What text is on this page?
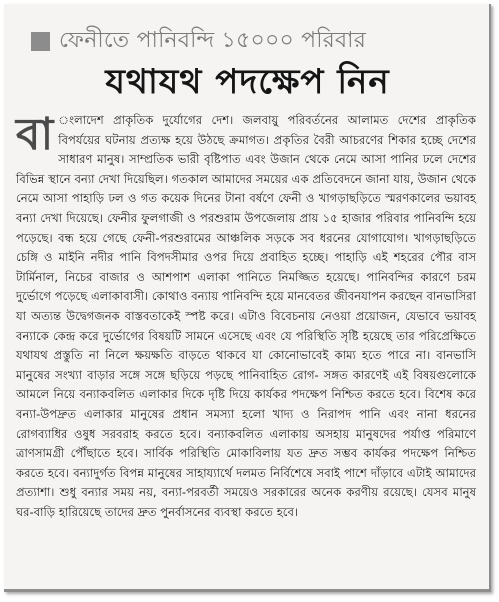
ফেনীতে পানিবন্দি ১৫০০০ পরিবার
যথাযথ পদক্ষেপ নিন
বা ংলাদেশ প্রাকৃতিক দুর্যোগের দেশ। জলবায়ু পরিবর্তনের আলামত দেশের প্রাকৃতিক বিপর্যয়ের ঘটনায় প্রত্যক্ষ হয়ে উঠছে ক্রমাগত। প্রকৃতির বৈরী আচরণের শিকার হচ্ছে দেশের সাধারণ মানুষ। সাম্প্রতিক ভারী বৃষ্টিপাত এবং উজান থেকে নেমে আসা পানির ঢলে দেশের বিভিন্ন স্থানে বন্যা দেখা দিয়েছিল। গতকাল আমাদের সময়ের এক প্রতিবেদনে জানা যায়, উজান থেকে নেমে আসা পাহাড়ি ঢল ও গত কয়েক দিনের টানা বর্ষণে ফেনী ও খাগড়াছড়িতে স্মরণকালের ভয়াবহ বন্যা দেখা দিয়েছে। ফেনীর ফুলগাজী ও পরশুরাম উপজেলায় প্রায় ১৫ হাজার পরিবার পানিবন্দি হয়ে পড়েছে। বন্ধ হয়ে গেছে ফেনী-পরশুরামের আঞ্চলিক সড়কে সব ধরনের যোগাযোগ। খাগড়াছড়িতে চেঙ্গি ও মাইনি নদীর পানি বিপদসীমার ওপর দিয়ে প্রবাহিত হচ্ছে। পাহাড়ি এই শহরের পৌর বাস টার্মিনাল, নিচের বাজার ও আশপাশ এলাকা পানিতে নিমজ্জিত হয়েছে। পানিবন্দির কারণে চরম দুর্ভোগে পড়েছে এলাকাবাসী। কোথাও বন্যায় পানিবন্দি হয়ে মানবেতর জীবনযাপন করছেন বানভাসিরা যা অত্যন্ত উদ্বেগজনক বাস্তবতাকেই স্পষ্ট করে। এটাও বিবেচনায় নেওয়া প্রয়োজন, যেভাবে ভয়াবহ বন্যাকে কেন্দ্র করে দুর্ভোগের বিষয়টি সামনে এসেছে এবং যে পরিস্থিতি সৃষ্টি হয়েছে তার পরিপ্রেক্ষিতে যথাযথ প্রস্তুতি না নিলে ক্ষয়ক্ষতি বাড়তে থাকবে যা কোনোভাবেই কাম্য হতে পারে না। বানভাসি মানুষের সংখ্যা বাড়ার সঙ্গে সঙ্গে ছড়িয়ে পড়ছে পানিবাহিত রোগ- সঙ্গত কারণেই এই বিষয়গুলোকে আমলে নিয়ে বন্যাকবলিত এলাকার দিকে দৃষ্টি দিয়ে কার্যকর পদক্ষেপ নিশ্চিত করতে হবে। বিশেষ করে বন্যা-উপদ্রুত এলাকার মানুষের প্রধান সমস্যা হলো খাদ্য ও নিরাপদ পানি এবং নানা ধরনের রোগব্যাধির ওষুধ সরবরাহ করতে হবে। বন্যাকবলিত এলাকায় অসহায় মানুষদের পর্যাপ্ত পরিমাণে ত্রাণসামগ্রী পৌঁছাতে হবে। সার্বিক পরিস্থিতি মোকাবিলায় যত দ্রুত সম্ভব কার্যকর পদক্ষেপ নিশ্চিত করতে হবে। বন্যাদুর্গত বিপন্ন মানুষের সাহায্যার্থে দলমত নির্বিশেষে সবাই পাশে দাঁড়াবে এটাই আমাদের প্রত্যাশা। শুধু বন্যার সময় নয়, বন্যা-পরবর্তী সময়েও সরকারের অনেক করণীয় রয়েছে। যেসব মানুষ ঘর-বাড়ি হারিয়েছে তাদের দ্রুত পুনর্বাসনের ব্যবস্থা করতে হবে।
